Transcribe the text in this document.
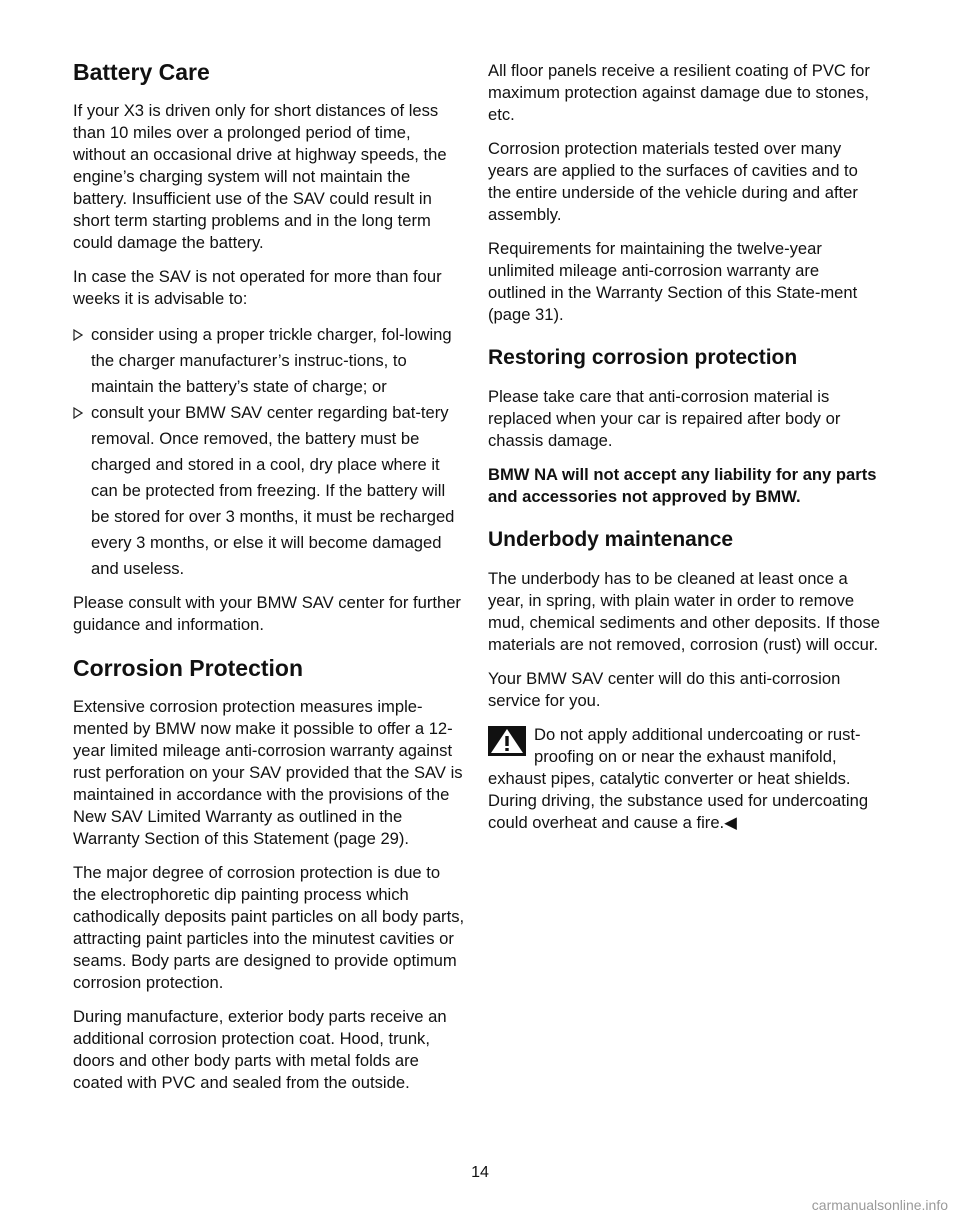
Battery Care

If your X3 is driven only for short distances of less than 10 miles over a prolonged period of time, without an occasional drive at highway speeds, the engine’s charging system will not maintain the battery. Insufficient use of the SAV could result in short term starting problems and in the long term could damage the battery.

In case the SAV is not operated for more than four weeks it is advisable to:

consider using a proper trickle charger, fol-lowing the charger manufacturer’s instruc-tions, to maintain the battery’s state of charge; or
consult your BMW SAV center regarding bat-tery removal. Once removed, the battery must be charged and stored in a cool, dry place where it can be protected from freezing. If the battery will be stored for over 3 months, it must be recharged every 3 months, or else it will become damaged and useless.

Please consult with your BMW SAV center for further guidance and information.

Corrosion Protection

Extensive corrosion protection measures imple-mented by BMW now make it possible to offer a 12-year limited mileage anti-corrosion warranty against rust perforation on your SAV provided that the SAV is maintained in accordance with the provisions of the New SAV Limited Warranty as outlined in the Warranty Section of this Statement (page 29).

The major degree of corrosion protection is due to the electrophoretic dip painting process which cathodically deposits paint particles on all body parts, attracting paint particles into the minutest cavities or seams. Body parts are designed to provide optimum corrosion protection.

During manufacture, exterior body parts receive an additional corrosion protection coat. Hood, trunk, doors and other body parts with metal folds are coated with PVC and sealed from the outside.

All floor panels receive a resilient coating of PVC for maximum protection against damage due to stones, etc.

Corrosion protection materials tested over many years are applied to the surfaces of cavities and to the entire underside of the vehicle during and after assembly.

Requirements for maintaining the twelve-year unlimited mileage anti-corrosion warranty are outlined in the Warranty Section of this State-ment (page 31).

Restoring corrosion protection

Please take care that anti-corrosion material is replaced when your car is repaired after body or chassis damage.

BMW NA will not accept any liability for any parts and accessories not approved by BMW.

Underbody maintenance

The underbody has to be cleaned at least once a year, in spring, with plain water in order to remove mud, chemical sediments and other deposits. If those materials are not removed, corrosion (rust) will occur.

Your BMW SAV center will do this anti-corrosion service for you.

Do not apply additional undercoating or rust-proofing on or near the exhaust manifold, exhaust pipes, catalytic converter or heat shields. During driving, the substance used for undercoating could overheat and cause a fire.◀
14
carmanualsonline.info
